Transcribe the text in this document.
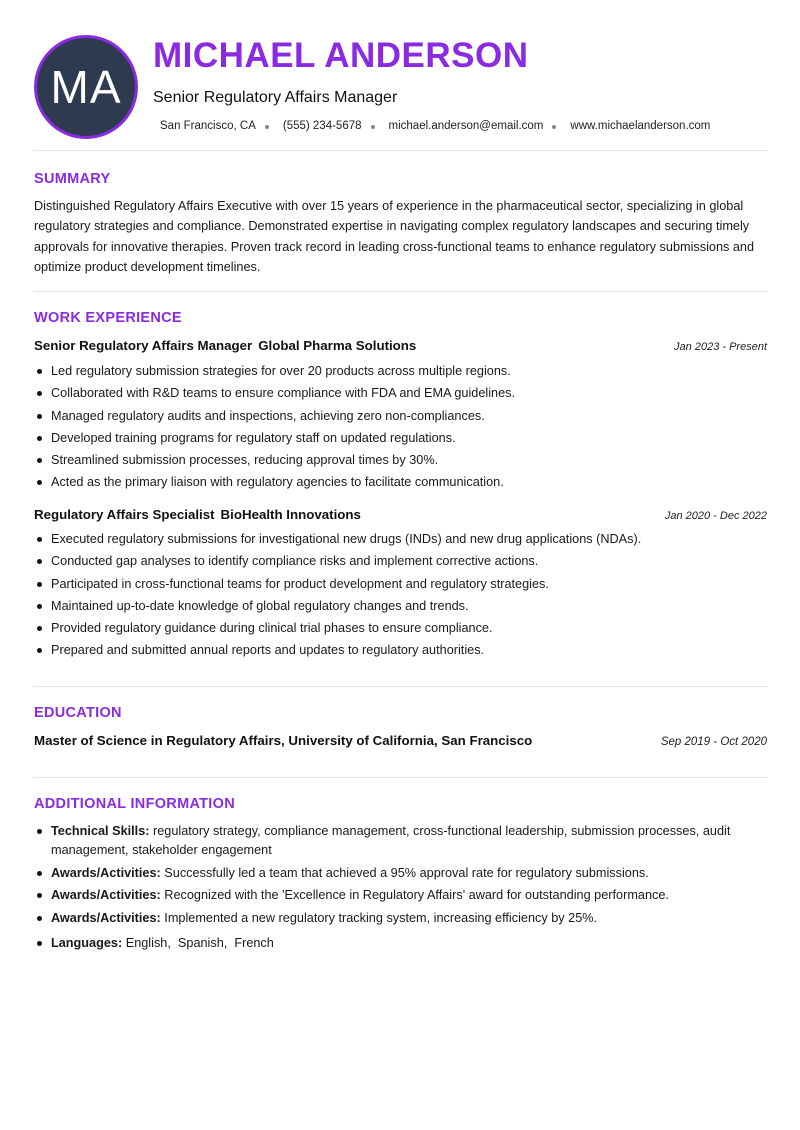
MA
MICHAEL ANDERSON
Senior Regulatory Affairs Manager
San Francisco, CA (555) 234-5678 michael.anderson@email.com www.michaelanderson.com
SUMMARY
Distinguished Regulatory Affairs Executive with over 15 years of experience in the pharmaceutical sector, specializing in global regulatory strategies and compliance. Demonstrated expertise in navigating complex regulatory landscapes and securing timely approvals for innovative therapies. Proven track record in leading cross-functional teams to enhance regulatory submissions and optimize product development timelines.
WORK EXPERIENCE
Senior Regulatory Affairs Manager Global Pharma Solutions	Jan 2023 - Present
Led regulatory submission strategies for over 20 products across multiple regions.
Collaborated with R&D teams to ensure compliance with FDA and EMA guidelines.
Managed regulatory audits and inspections, achieving zero non-compliances.
Developed training programs for regulatory staff on updated regulations.
Streamlined submission processes, reducing approval times by 30%.
Acted as the primary liaison with regulatory agencies to facilitate communication.
Regulatory Affairs Specialist BioHealth Innovations	Jan 2020 - Dec 2022
Executed regulatory submissions for investigational new drugs (INDs) and new drug applications (NDAs).
Conducted gap analyses to identify compliance risks and implement corrective actions.
Participated in cross-functional teams for product development and regulatory strategies.
Maintained up-to-date knowledge of global regulatory changes and trends.
Provided regulatory guidance during clinical trial phases to ensure compliance.
Prepared and submitted annual reports and updates to regulatory authorities.
EDUCATION
Master of Science in Regulatory Affairs, University of California, San Francisco	Sep 2019 - Oct 2020
ADDITIONAL INFORMATION
Technical Skills: regulatory strategy, compliance management, cross-functional leadership, submission processes, audit management, stakeholder engagement
Awards/Activities: Successfully led a team that achieved a 95% approval rate for regulatory submissions.
Awards/Activities: Recognized with the 'Excellence in Regulatory Affairs' award for outstanding performance.
Awards/Activities: Implemented a new regulatory tracking system, increasing efficiency by 25%.
Languages: English,  Spanish,  French
